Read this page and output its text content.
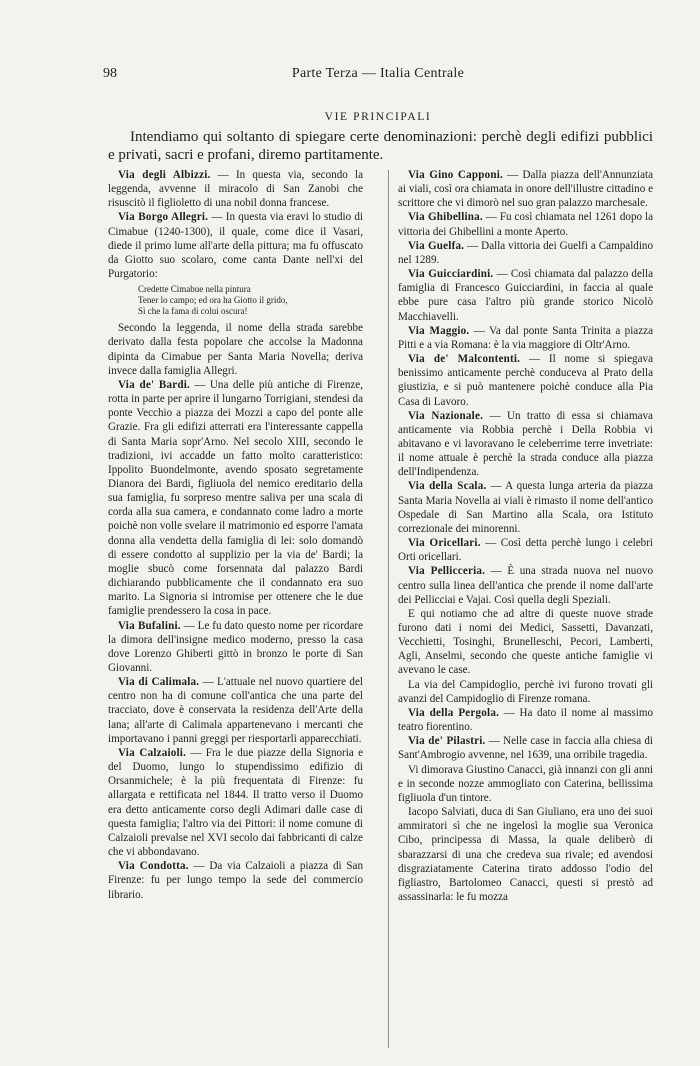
98	Parte Terza — Italia Centrale
VIE PRINCIPALI

Intendiamo qui soltanto di spiegare certe denominazioni: perchè degli edifizi pubblici e privati, sacri e profani, diremo partitamente.

Via degli Albizzi. — In questa via, secondo la leggenda, avvenne il miracolo di San Zanobi che risuscitò il figlioletto di una nobil donna francese.

Via Borgo Allegri. — In questa via eravi lo studio di Cimabue (1240-1300), il quale, come dice il Vasari, diede il primo lume all'arte della pittura; ma fu offuscato da Giotto suo scolaro, come canta Dante nell'xi del Purgatorio:

Credette Cimabue nella pintura
Tener lo campo; ed ora ha Giotto il grido,
Sì che la fama di colui oscura!

Secondo la leggenda, il nome della strada sarebbe derivato dalla festa popolare che accolse la Madonna dipinta da Cimabue per Santa Maria Novella; deriva invece dalla famiglia Allegri.

Via de' Bardi. — Una delle più antiche di Firenze, rotta in parte per aprire il lungarno Torrigiani, stendesi da ponte Vecchio a piazza dei Mozzi a capo del ponte alle Grazie. Fra gli edifizi atterrati era l'interessante cappella di Santa Maria sopr'Arno. Nel secolo XIII, secondo le tradizioni, ivi accadde un fatto molto caratteristico: Ippolito Buondelmonte, avendo sposato segretamente Dianora dei Bardi, figliuola del nemico ereditario della sua famiglia, fu sorpreso mentre saliva per una scala di corda alla sua camera, e condannato come ladro a morte poichè non volle svelare il matrimonio ed esporre l'amata donna alla vendetta della famiglia di lei: solo domandò di essere condotto al supplizio per la via de' Bardi; la moglie sbucò come forsennata dal palazzo Bardi dichiarando pubblicamente che il condannato era suo marito. La Signoria si intromise per ottenere che le due famiglie prendessero la cosa in pace.

Via Bufalini. — Le fu dato questo nome per ricordare la dimora dell'insigne medico moderno, presso la casa dove Lorenzo Ghiberti gittò in bronzo le porte di San Giovanni.

Via di Calimala. — L'attuale nel nuovo quartiere del centro non ha di comune coll'antica che una parte del tracciato, dove è conservata la residenza dell'Arte della lana; all'arte di Calimala appartenevano i mercanti che importavano i panni greggi per riesportarli apparecchiati.

Via Calzaioli. — Fra le due piazze della Signoria e del Duomo, lungo lo stupendissimo edifizio di Orsanmichele; è la più frequentata di Firenze: fu allargata e rettificata nel 1844. Il tratto verso il Duomo era detto anticamente corso degli Adimari dalle case di questa famiglia; l'altro via dei Pittori: il nome comune di Calzaioli prevalse nel XVI secolo dai fabbricanti di calze che vi abbondavano.

Via Condotta. — Da via Calzaioli a piazza di San Firenze: fu per lungo tempo la sede del commercio librario.

Via Gino Capponi. — Dalla piazza dell'Annunziata ai viali, così ora chiamata in onore dell'illustre cittadino e scrittore che vi dimorò nel suo gran palazzo marchesale.

Via Ghibellina. — Fu così chiamata nel 1261 dopo la vittoria dei Ghibellini a monte Aperto.

Via Guelfa. — Dalla vittoria dei Guelfi a Campaldino nel 1289.

Via Guicciardini. — Così chiamata dal palazzo della famiglia di Francesco Guicciardini, in faccia al quale ebbe pure casa l'altro più grande storico Nicolò Macchiavelli.

Via Maggio. — Va dal ponte Santa Trinita a piazza Pitti e a via Romana: è la via maggiore di Oltr'Arno.

Via de' Malcontenti. — Il nome si spiegava benissimo anticamente perchè conduceva al Prato della giustizia, e si può mantenere poichè conduce alla Pia Casa di Lavoro.

Via Nazionale. — Un tratto di essa si chiamava anticamente via Robbia perchè i Della Robbia vi abitavano e vi lavoravano le celeberrime terre invetriate: il nome attuale è perchè la strada conduce alla piazza dell'Indipendenza.

Via della Scala. — A questa lunga arteria da piazza Santa Maria Novella ai viali è rimasto il nome dell'antico Ospedale di San Martino alla Scala, ora Istituto correzionale dei minorenni.

Via Oricellari. — Così detta perchè lungo i celebri Orti oricellari.

Via Pellicceria. — È una strada nuova nel nuovo centro sulla linea dell'antica che prende il nome dall'arte dei Pellicciai e Vajai. Così quella degli Speziali.

E qui notiamo che ad altre di queste nuove strade furono dati i nomi dei Medici, Sassetti, Davanzati, Vecchietti, Tosinghi, Brunelleschi, Pecori, Lamberti, Agli, Anselmi, secondo che queste antiche famiglie vi avevano le case.

La via del Campidoglio, perchè ivi furono trovati gli avanzi del Campidoglio di Firenze romana.

Via della Pergola. — Ha dato il nome al massimo teatro fiorentino.

Via de' Pilastri. — Nelle case in faccia alla chiesa di Sant'Ambrogio avvenne, nel 1639, una orribile tragedia.

Vi dimorava Giustino Canacci, già innanzi con gli anni e in seconde nozze ammogliato con Caterina, bellissima figliuola d'un tintore.

Iacopo Salviati, duca di San Giuliano, era uno dei suoi ammiratori sì che ne ingelosì la moglie sua Veronica Cibo, principessa di Massa, la quale deliberò di sbarazzarsi di una che credeva sua rivale; ed avendosi disgraziatamente Caterina tirato addosso l'odio del figliastro, Bartolomeo Canacci, questi si prestò ad assassinarla: le fu mozza
